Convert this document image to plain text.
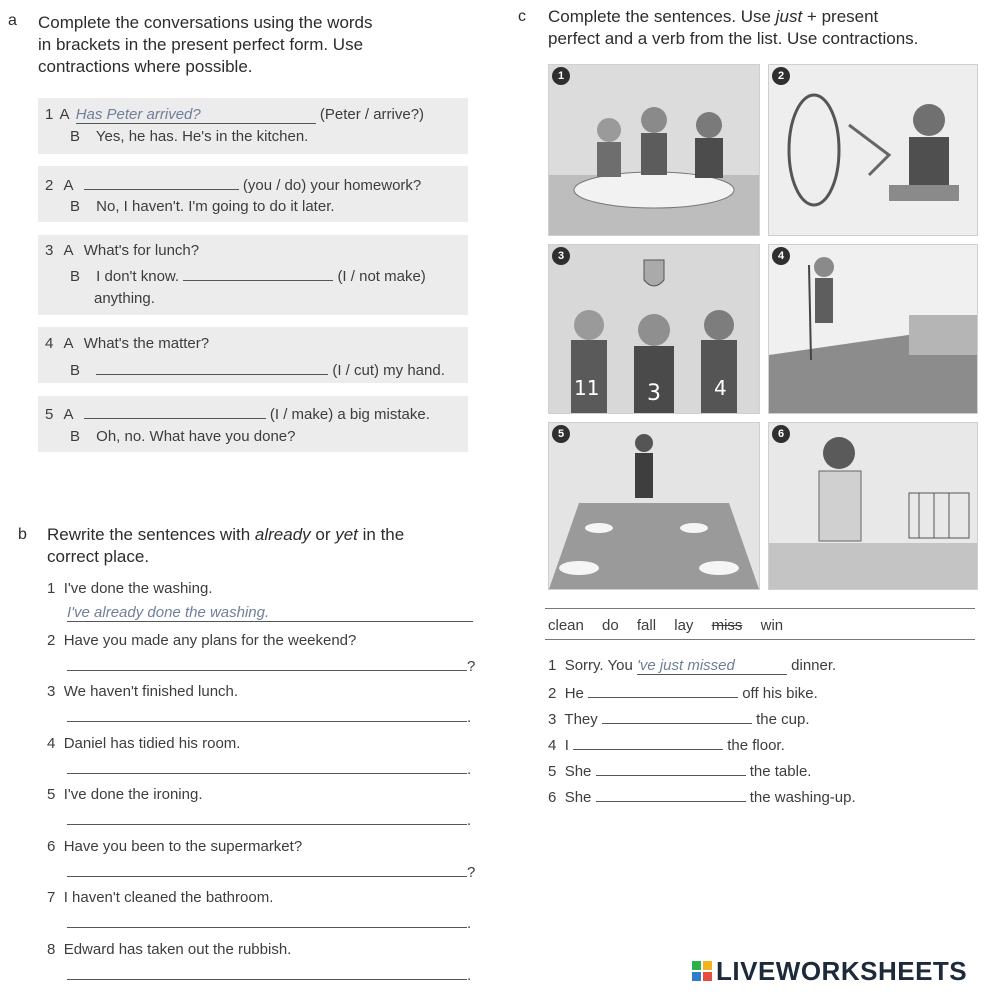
a Complete the conversations using the words
in brackets in the present perfect form. Use
contractions where possible.
1 A Has Peter arrived?	(Peter / arrive?)
B Yes, he has. He's in the kitchen.
2 A	(you / do) your homework?
B No, I haven't. I'm going to do it later.
3 A What's for lunch?
B I don't know.	(I / not make)
anything.
4 A What's the matter?
B	(I / cut) my hand.
5 A	(I / make) a big mistake.
B Oh, no. What have you done?
b Rewrite the sentences with already or yet in the
correct place.
1 I've done the washing.
I've already done the washing.
2 Have you made any plans for the weekend?
?
3 We haven't finished lunch.
.
4 Daniel has tidied his room.
.
5 I've done the ironing.
.
6 Have you been to the supermarket?
?
7 I haven't cleaned the bathroom.
.
8 Edward has taken out the rubbish.
.
c Complete the sentences. Use just + present
perfect and a verb from the list. Use contractions.
1	2
11 3	4
3	4
5	6
clean do fall lay miss win
1 Sorry. You 've just missed	dinner.
2 He	off his bike.
3 They	the cup.
4 I	the floor.
5 She	the table.
6 She	the washing-up.
LIVEWORKSHEETS
